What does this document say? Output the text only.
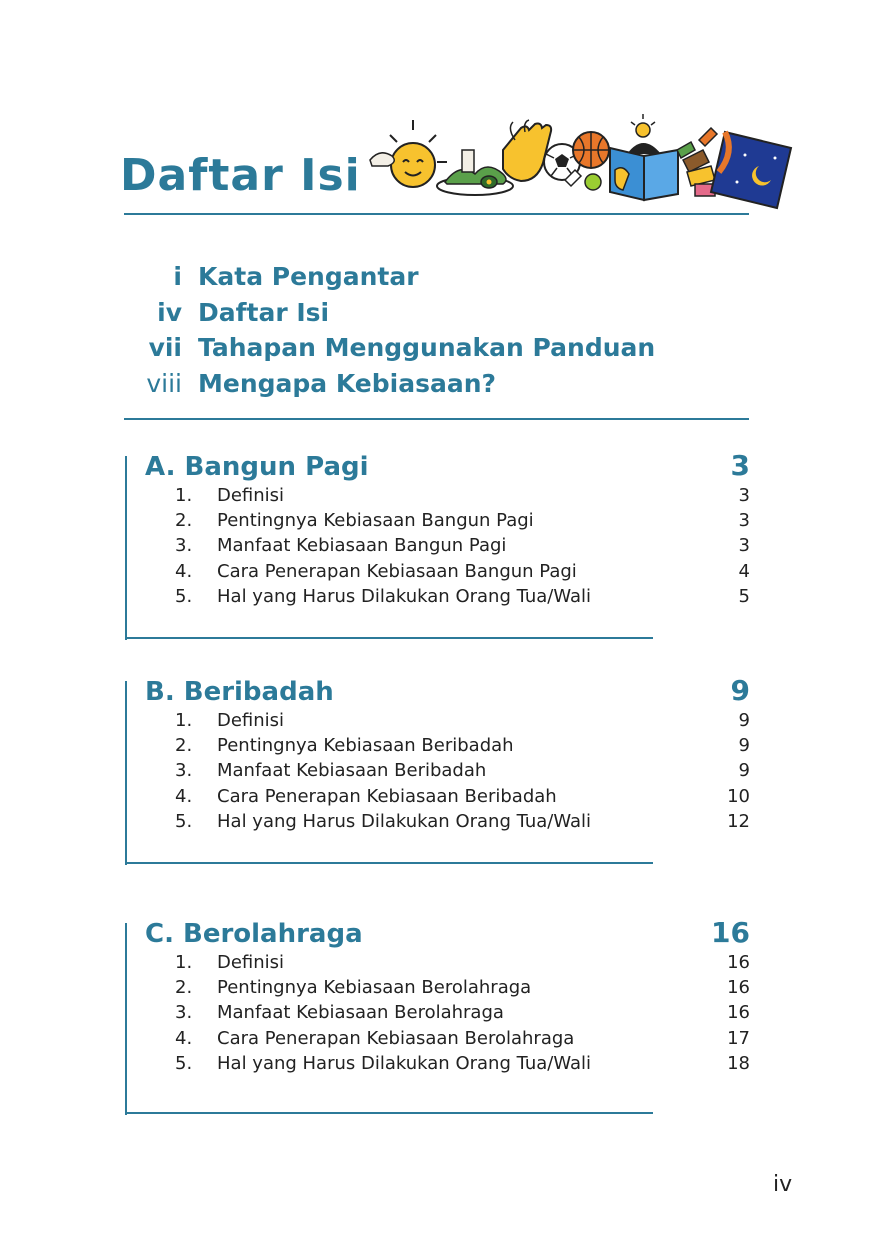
Daftar Isi
i Kata Pengantar
iv Daftar Isi
vii Tahapan Menggunakan Panduan
viii Mengapa Kebiasaan?
A. Bangun Pagi	3
1.	Definisi	3
2.	Pentingnya Kebiasaan Bangun Pagi	3
3.	Manfaat Kebiasaan Bangun Pagi	3
4.	Cara Penerapan Kebiasaan Bangun Pagi	4
5.	Hal yang Harus Dilakukan Orang Tua/Wali	5
B. Beribadah	9
1.	Definisi	9
2.	Pentingnya Kebiasaan Beribadah	9
3.	Manfaat Kebiasaan Beribadah	9
4.	Cara Penerapan Kebiasaan Beribadah	10
5.	Hal yang Harus Dilakukan Orang Tua/Wali	12
C. Berolahraga	16
1.	Definisi	16
2.	Pentingnya Kebiasaan Berolahraga	16
3.	Manfaat Kebiasaan Berolahraga	16
4.	Cara Penerapan Kebiasaan Berolahraga	17
5.	Hal yang Harus Dilakukan Orang Tua/Wali	18
iv
